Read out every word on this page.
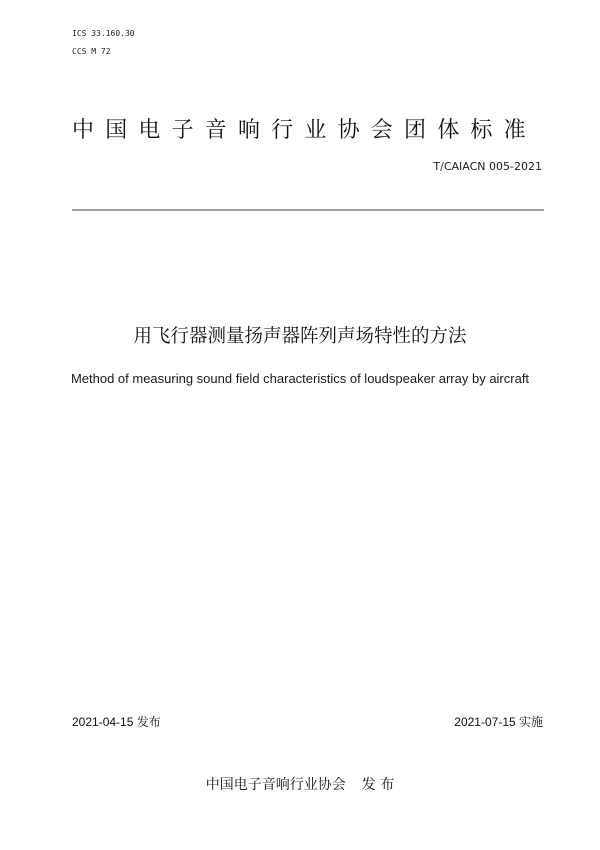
ICS 33.160.30
CCS M 72
中国电子音响行业协会团体标准
T/CAIACN 005-2021
用飞行器测量扬声器阵列声场特性的方法
Method of measuring sound field characteristics of loudspeaker array by aircraft
2021-04-15 发布	2021-07-15 实施
中国电子音响行业协会 发 布
